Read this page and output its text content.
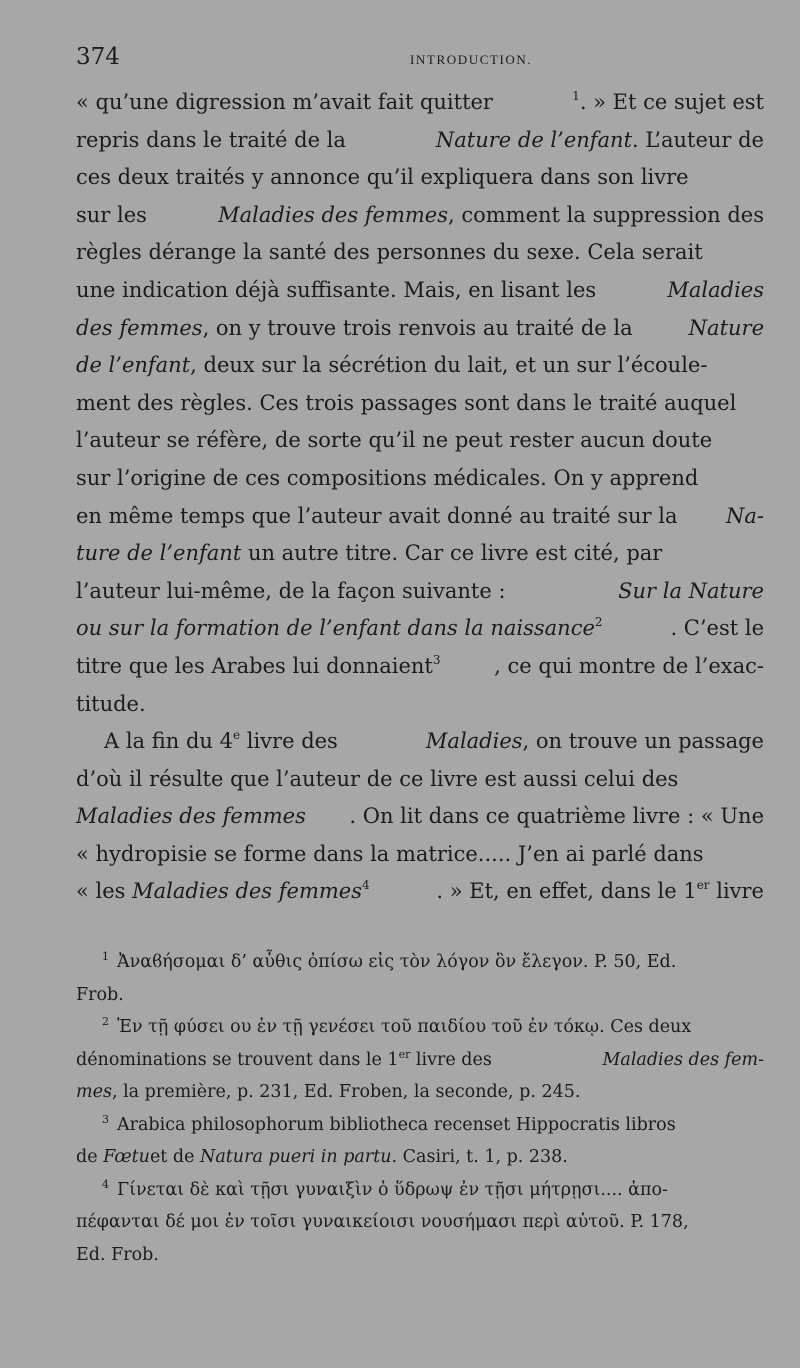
374	INTRODUCTION.
« qu’une digression m’avait fait quitter	$^1$. » Et ce sujet est
repris dans le traité de la	Nature de l’enfant. L’auteur de
ces deux traités y annonce qu’il expliquera dans son livre
sur les	Maladies des femmes, comment la suppression des
règles dérange la santé des personnes du sexe. Cela serait
une indication déjà suffisante. Mais, en lisant les	Maladies
des femmes, on y trouve trois renvois au traité de la	Nature
de l’enfant, deux sur la sécrétion du lait, et un sur l’écoule-
ment des règles. Ces trois passages sont dans le traité auquel
l’auteur se réfère, de sorte qu’il ne peut rester aucun doute
sur l’origine de ces compositions médicales. On y apprend
en même temps que l’auteur avait donné au traité sur la Na-
ture de l’enfant un autre titre. Car ce livre est cité, par
l’auteur lui-même, de la façon suivante :	Sur la Nature
ou sur la formation de l’enfant dans la naissance$^2$	. C’est le
titre que les Arabes lui donnaient$^3$	, ce qui montre de l’exac-
titude.
A la fin du 4e livre des	Maladies, on trouve un passage
d’où il résulte que l’auteur de ce livre est aussi celui des
Maladies des femmes . On lit dans ce quatrième livre : « Une
« hydropisie se forme dans la matrice..... J’en ai parlé dans
« les Maladies des femmes$^4$	. » Et, en effet, dans le 1er livre
$^1$ Ἀναϐήσομαι δ’ αὖθις ὀπίσω εἰς τὸν λόγον ὃν ἔλεγον. P. 50, Ed.
Frob.
$^2$ Ἐν τῇ φύσει ου ἐν τῇ γενέσει τοῦ παιδίου τοῦ ἐν τόκῳ. Ces deux
dénominations se trouvent dans le 1er livre des	Maladies des fem-
mes , la première, p. 231, Ed. Froben, la seconde, p. 245.
$^3$ Arabica philosophorum bibliotheca recenset Hippocratis libros
de
Fœtu et de
Natura pueri in partu . Casiri, t. 1, p. 238.
$^4$ Γίνεται δὲ καὶ τῇσι γυναιξὶν ὁ ὕδρωψ ἐν τῇσι μήτρῃσι.... ἀπο-
πέφανται δέ μοι ἐν τοῖσι γυναικείοισι νουσήμασι περὶ αὐτοῦ. P. 178,
Ed. Frob.
